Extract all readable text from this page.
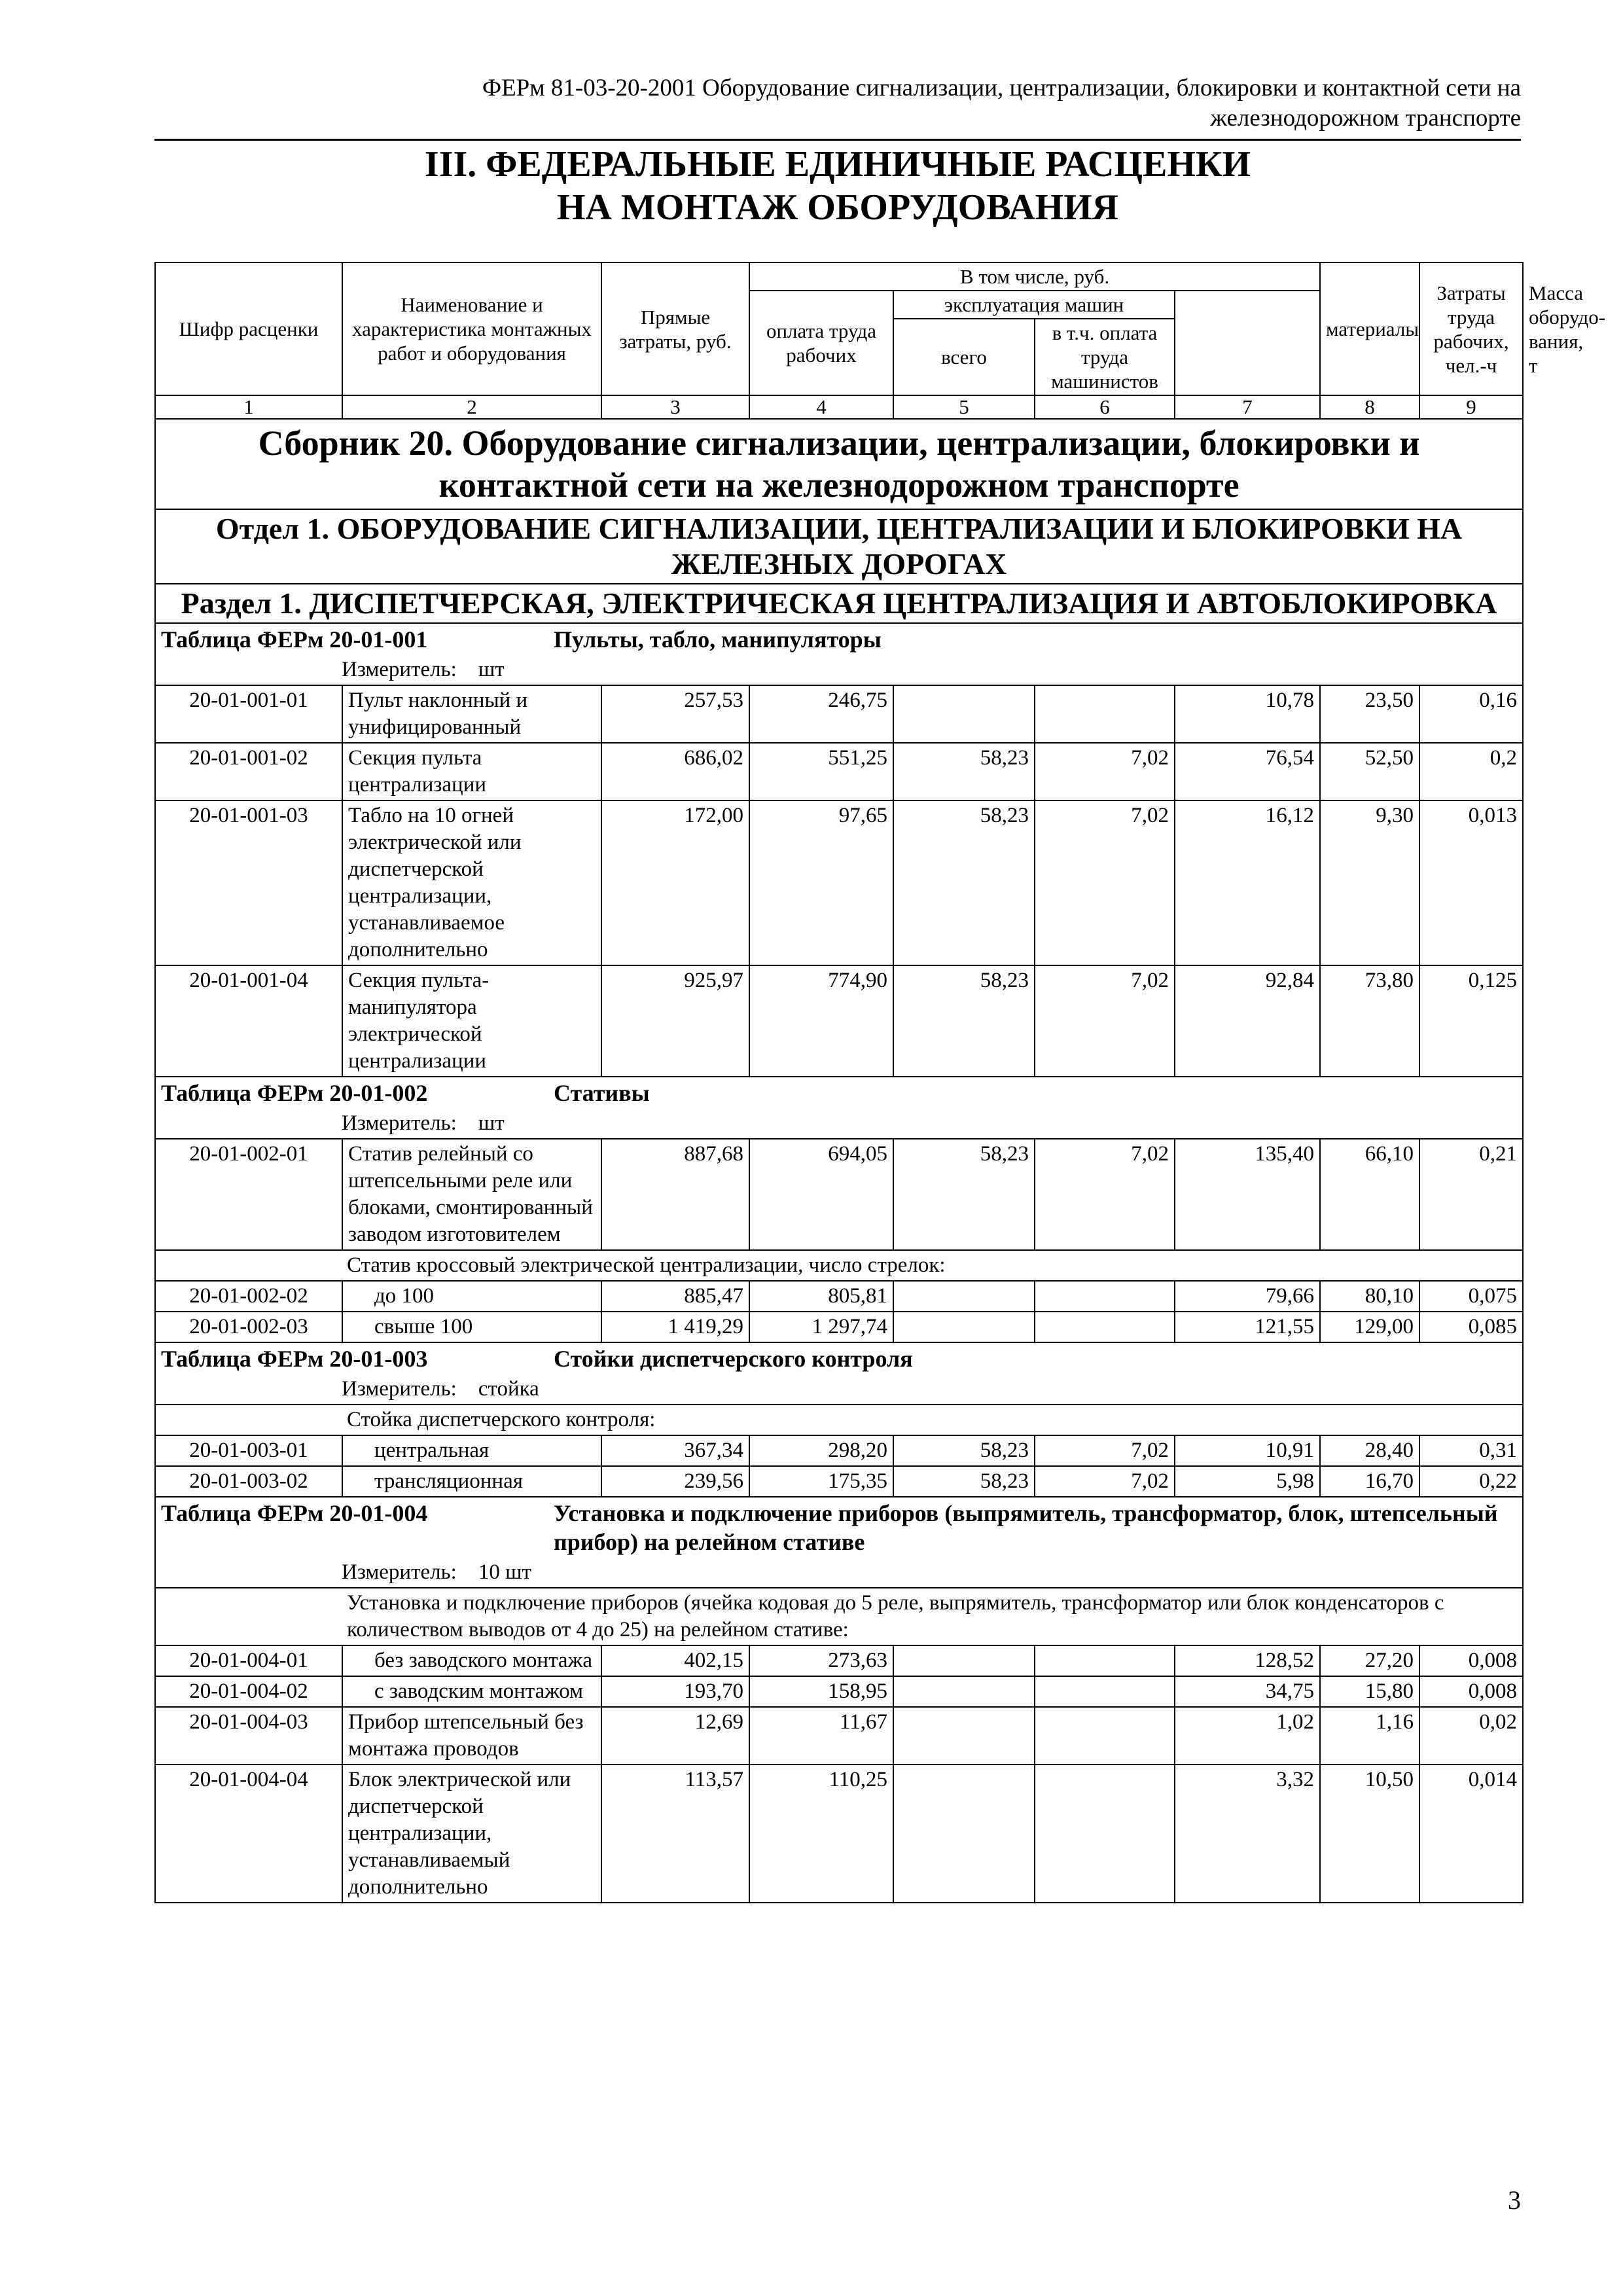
ФЕРм 81-03-20-2001 Оборудование сигнализации, централизации, блокировки и контактной сети на
железнодорожном транспорте
III. ФЕДЕРАЛЬНЫЕ ЕДИНИЧНЫЕ РАСЦЕНКИ
НА МОНТАЖ ОБОРУДОВАНИЯ
Шифр расценки	Наименование и характеристика монтажных работ и оборудования	Прямые затраты, руб.	В том числе, руб.				материалы	Затраты труда рабочих, чел.-ч	Масса оборудо-вания, т
			оплата труда рабочих	эксплуатация машин					
				всего	в т.ч. оплата труда машинистов				
1	2	3	4	5	6	7	8	9	
Сборник 20. Оборудование сигнализации, централизации, блокировки и контактной сети на железнодорожном транспорте									
Отдел 1. ОБОРУДОВАНИЕ СИГНАЛИЗАЦИИ, ЦЕНТРАЛИЗАЦИИ И БЛОКИРОВКИ НА ЖЕЛЕЗНЫХ ДОРОГАХ									
Раздел 1. ДИСПЕТЧЕРСКАЯ, ЭЛЕКТРИЧЕСКАЯ ЦЕНТРАЛИЗАЦИЯ И АВТОБЛОКИРОВКА									

Таблица ФЕРм 20-01-001 Пульты, табло, манипуляторы									

Измеритель:    шт									
20-01-001-01	Пульт наклонный и унифицированный	257,53	246,75			10,78	23,50	0,16	
20-01-001-02	Секция пульта централизации	686,02	551,25	58,23	7,02	76,54	52,50	0,2	
20-01-001-03	Табло на 10 огней электрической или диспетчерской централизации, устанавливаемое дополнительно	172,00	97,65	58,23	7,02	16,12	9,30	0,013	
20-01-001-04	Секция пульта-манипулятора электрической централизации	925,97	774,90	58,23	7,02	92,84	73,80	0,125	

Таблица ФЕРм 20-01-002 Стативы									

Измеритель:    шт									
20-01-002-01	Статив релейный со штепсельными реле или блоками, смонтированный заводом изготовителем	887,68	694,05	58,23	7,02	135,40	66,10	0,21	
Статив кроссовый электрической централизации, число стрелок:									
20-01-002-02	до 100	885,47	805,81			79,66	80,10	0,075	
20-01-002-03	свыше 100	1 419,29	1 297,74			121,55	129,00	0,085	

Таблица ФЕРм 20-01-003 Стойки диспетчерского контроля									

Измеритель:    стойка									
Стойка диспетчерского контроля:									
20-01-003-01	центральная	367,34	298,20	58,23	7,02	10,91	28,40	0,31	
20-01-003-02	трансляционная	239,56	175,35	58,23	7,02	5,98	16,70	0,22	

Таблица ФЕРм 20-01-004 Установка и подключение приборов (выпрямитель, трансформатор, блок, штепсельный прибор) на релейном стативе									

Измеритель:    10 шт									
Установка и подключение приборов (ячейка кодовая до 5 реле, выпрямитель, трансформатор или блок конденсаторов с количеством выводов от 4 до 25) на релейном стативе:									
20-01-004-01	без заводского монтажа	402,15	273,63			128,52	27,20	0,008	
20-01-004-02	с заводским монтажом	193,70	158,95			34,75	15,80	0,008	
20-01-004-03	Прибор штепсельный без монтажа проводов	12,69	11,67			1,02	1,16	0,02	
20-01-004-04	Блок электрической или диспетчерской централизации, устанавливаемый дополнительно	113,57	110,25			3,32	10,50	0,014	
3
